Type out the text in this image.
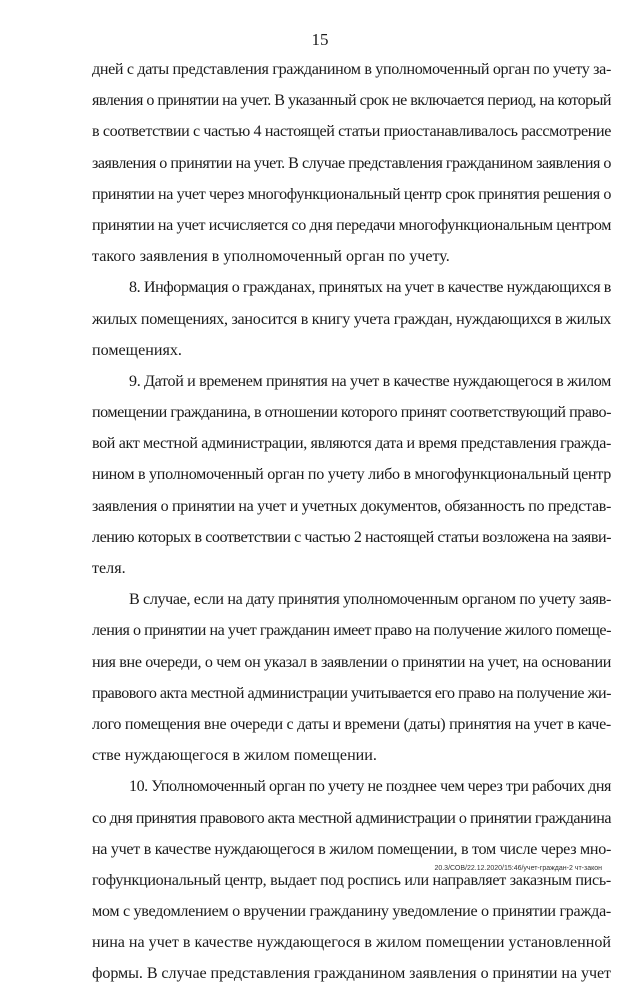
15
дней с даты представления гражданином в уполномоченный орган по учету за-
явления о принятии на учет. В указанный срок не включается период, на который
в соответствии с частью 4 настоящей статьи приостанавливалось рассмотрение
заявления о принятии на учет. В случае представления гражданином заявления о
принятии на учет через многофункциональный центр срок принятия решения о
принятии на учет исчисляется со дня передачи многофункциональным центром
такого заявления в уполномоченный орган по учету.
8. Информация о гражданах, принятых на учет в качестве нуждающихся в
жилых помещениях, заносится в книгу учета граждан, нуждающихся в жилых
помещениях.
9. Датой и временем принятия на учет в качестве нуждающегося в жилом
помещении гражданина, в отношении которого принят соответствующий право-
вой акт местной администрации, являются дата и время представления гражда-
нином в уполномоченный орган по учету либо в многофункциональный центр
заявления о принятии на учет и учетных документов, обязанность по представ-
лению которых в соответствии с частью 2 настоящей статьи возложена на заяви-
теля.
В случае, если на дату принятия уполномоченным органом по учету заяв-
ления о принятии на учет гражданин имеет право на получение жилого помеще-
ния вне очереди, о чем он указал в заявлении о принятии на учет, на основании
правового акта местной администрации учитывается его право на получение жи-
лого помещения вне очереди с даты и времени (даты) принятия на учет в каче-
стве нуждающегося в жилом помещении.
10. Уполномоченный орган по учету не позднее чем через три рабочих дня
со дня принятия правового акта местной администрации о принятии гражданина
на учет в качестве нуждающегося в жилом помещении, в том числе через мно-
гофункциональный центр, выдает под роспись или направляет заказным пись-
мом с уведомлением о вручении гражданину уведомление о принятии гражда-
нина на учет в качестве нуждающегося в жилом помещении установленной
формы. В случае представления гражданином заявления о принятии на учет
20.3/СОВ/22.12.2020/15:46/учет-граждан-2 чт-закон
